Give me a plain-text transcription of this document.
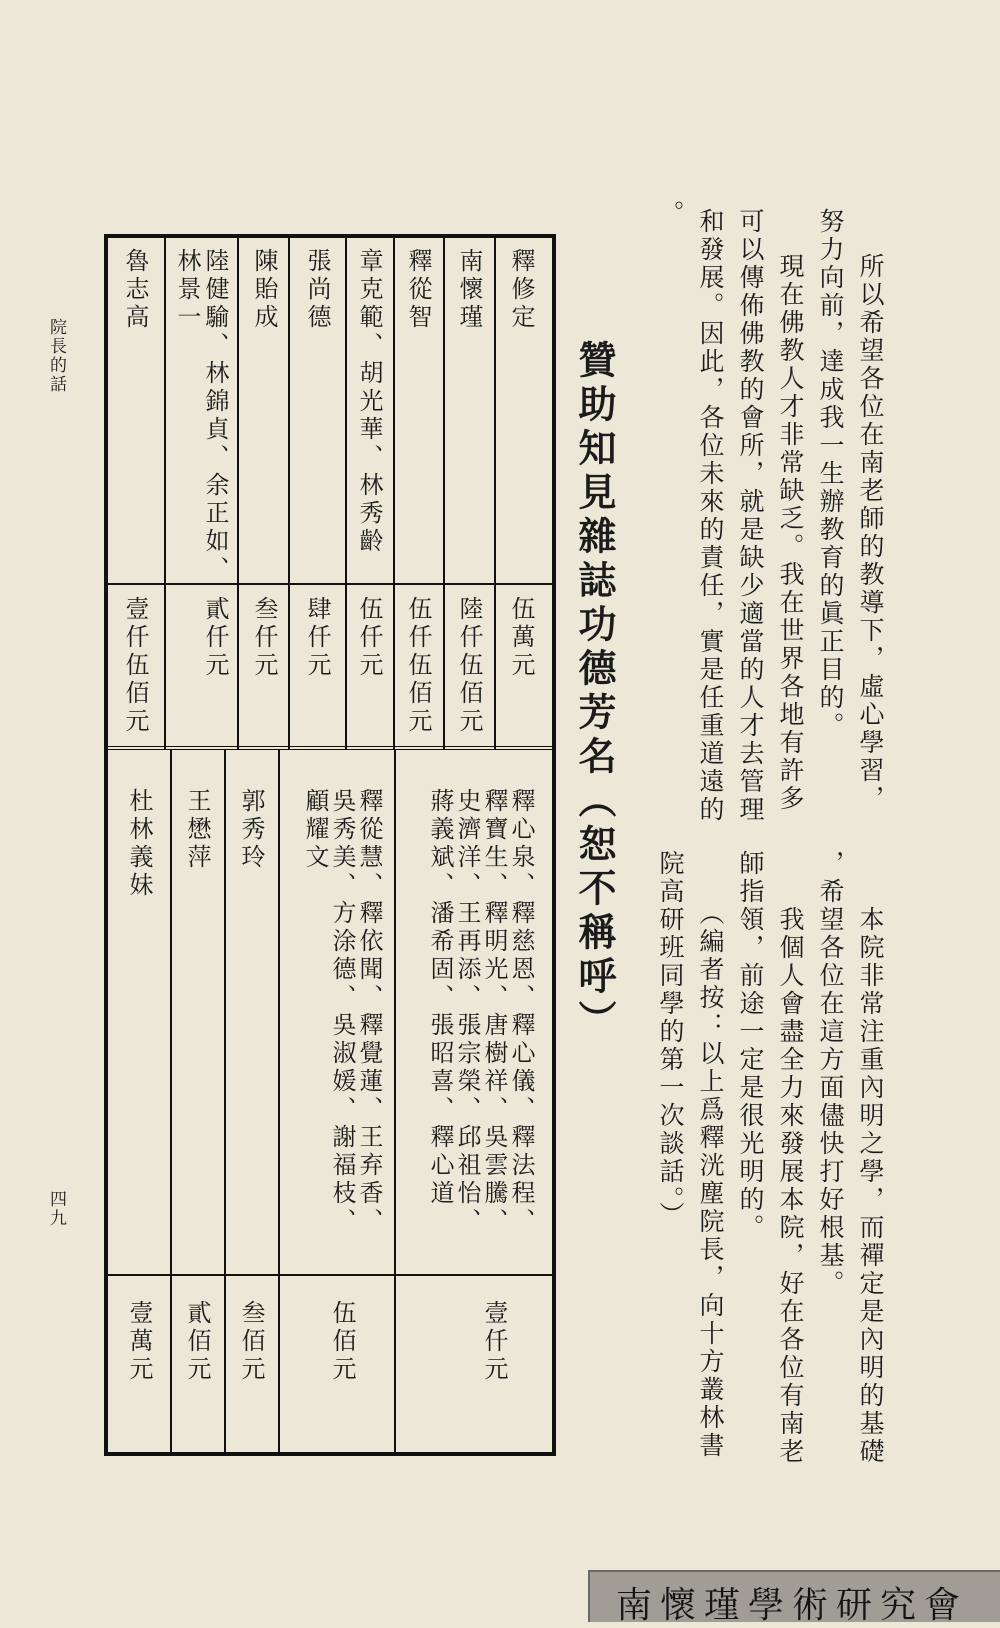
院長的話
四九
所以希望各位在南老師的教導下，虛心學習，
努力向前，達成我一生辦教育的眞正目的。
現在佛教人才非常缺乏。我在世界各地有許多
可以傳佈佛教的會所，就是缺少適當的人才去管理
和發展。因此，各位未來的責任，實是任重道遠的
。
本院非常注重內明之學，而禪定是內明的基礎
，希望各位在這方面儘快打好根基。
我個人會盡全力來發展本院，好在各位有南老
師指領，前途一定是很光明的。
（編者按：以上爲釋洸塵院長，向十方叢林書
院高研班同學的第一次談話。）
贊助知見雜誌功德芳名（恕不稱呼）
釋修定
南懷瑾
釋從智
章克範、胡光華、林秀齡
張尚德
陳貽成
陸健騟、林錦貞、余正如、
林景一
魯志高
伍萬元
陸仟伍佰元
伍仟伍佰元
伍仟元
肆仟元
叁仟元
貳仟元
壹仟伍佰元
釋心泉、釋慈恩、釋心儀、釋法程、
釋寶生、釋明光、唐樹祥、吳雲騰、
史濟洋、王再添、張宗榮、邱祖怡、
蔣義斌、潘希固、張昭喜、釋心道
釋從慧、釋依聞、釋覺蓮、王弃香、
吳秀美、方涂德、吳淑媛、謝福枝、
顧耀文
郭秀玲
王懋萍
杜林義妹
壹仟元
伍佰元
叁佰元
貳佰元
壹萬元
南懷瑾學術研究會
